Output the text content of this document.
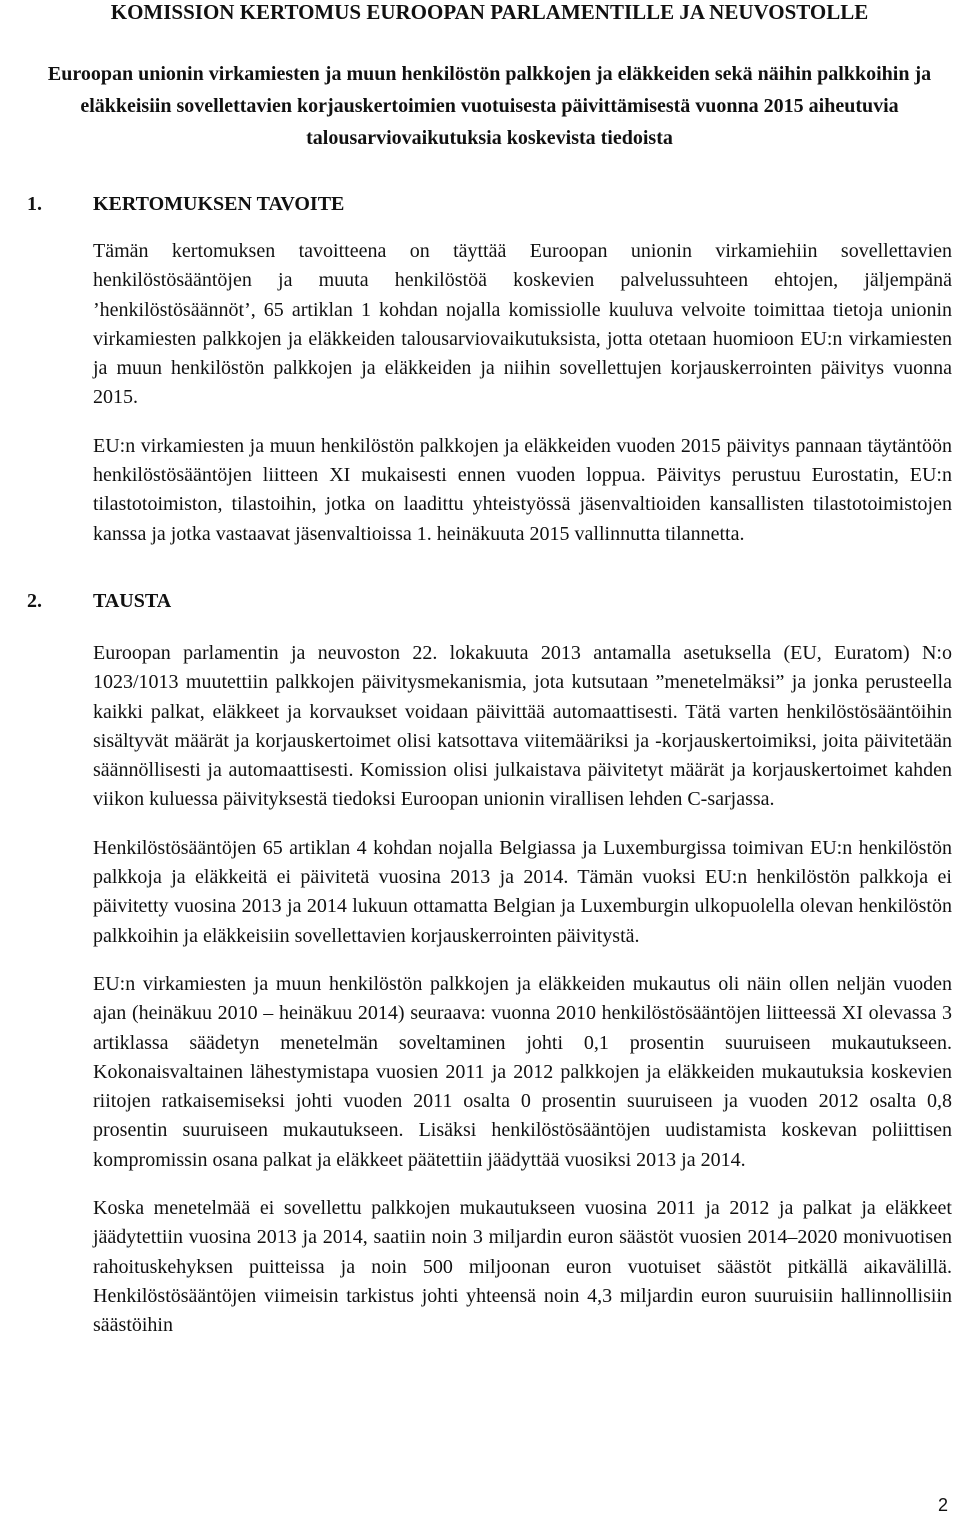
KOMISSION KERTOMUS EUROOPAN PARLAMENTILLE JA NEUVOSTOLLE
Euroopan unionin virkamiesten ja muun henkilöstön palkkojen ja eläkkeiden sekä näihin palkkoihin ja eläkkeisiin sovellettavien korjauskertoimien vuotuisesta päivittämisestä vuonna 2015 aiheutuvia talousarviovaikutuksia koskevista tiedoista
1.	KERTOMUKSEN TAVOITE

Tämän kertomuksen tavoitteena on täyttää Euroopan unionin virkamiehiin sovellettavien henkilöstösääntöjen ja muuta henkilöstöä koskevien palvelussuhteen ehtojen, jäljempänä ’henkilöstösäännöt’, 65 artiklan 1 kohdan nojalla komissiolle kuuluva velvoite toimittaa tietoja unionin virkamiesten palkkojen ja eläkkeiden talousarviovaikutuksista, jotta otetaan huomioon EU:n virkamiesten ja muun henkilöstön palkkojen ja eläkkeiden ja niihin sovellettujen korjauskerrointen päivitys vuonna 2015.

EU:n virkamiesten ja muun henkilöstön palkkojen ja eläkkeiden vuoden 2015 päivitys pannaan täytäntöön henkilöstösääntöjen liitteen XI mukaisesti ennen vuoden loppua. Päivitys perustuu Eurostatin, EU:n tilastotoimiston, tilastoihin, jotka on laadittu yhteistyössä jäsenvaltioiden kansallisten tilastotoimistojen kanssa ja jotka vastaavat jäsenvaltioissa 1. heinäkuuta 2015 vallinnutta tilannetta.

2.	TAUSTA

Euroopan parlamentin ja neuvoston 22. lokakuuta 2013 antamalla asetuksella (EU, Euratom) N:o 1023/1013 muutettiin palkkojen päivitysmekanismia, jota kutsutaan ”menetelmäksi” ja jonka perusteella kaikki palkat, eläkkeet ja korvaukset voidaan päivittää automaattisesti. Tätä varten henkilöstösääntöihin sisältyvät määrät ja korjauskertoimet olisi katsottava viitemääriksi ja -korjauskertoimiksi, joita päivitetään säännöllisesti ja automaattisesti. Komission olisi julkaistava päivitetyt määrät ja korjauskertoimet kahden viikon kuluessa päivityksestä tiedoksi Euroopan unionin virallisen lehden C-sarjassa.

Henkilöstösääntöjen 65 artiklan 4 kohdan nojalla Belgiassa ja Luxemburgissa toimivan EU:n henkilöstön palkkoja ja eläkkeitä ei päivitetä vuosina 2013 ja 2014. Tämän vuoksi EU:n henkilöstön palkkoja ei päivitetty vuosina 2013 ja 2014 lukuun ottamatta Belgian ja Luxemburgin ulkopuolella olevan henkilöstön palkkoihin ja eläkkeisiin sovellettavien korjauskerrointen päivitystä.

EU:n virkamiesten ja muun henkilöstön palkkojen ja eläkkeiden mukautus oli näin ollen neljän vuoden ajan (heinäkuu 2010 – heinäkuu 2014) seuraava: vuonna 2010 henkilöstösääntöjen liitteessä XI olevassa 3 artiklassa säädetyn menetelmän soveltaminen johti 0,1 prosentin suuruiseen mukautukseen. Kokonaisvaltainen lähestymistapa vuosien 2011 ja 2012 palkkojen ja eläkkeiden mukautuksia koskevien riitojen ratkaisemiseksi johti vuoden 2011 osalta 0 prosentin suuruiseen ja vuoden 2012 osalta 0,8 prosentin suuruiseen mukautukseen. Lisäksi henkilöstösääntöjen uudistamista koskevan poliittisen kompromissin osana palkat ja eläkkeet päätettiin jäädyttää vuosiksi 2013 ja 2014.

Koska menetelmää ei sovellettu palkkojen mukautukseen vuosina 2011 ja 2012 ja palkat ja eläkkeet jäädytettiin vuosina 2013 ja 2014, saatiin noin 3 miljardin euron säästöt vuosien 2014–2020 monivuotisen rahoituskehyksen puitteissa ja noin 500 miljoonan euron vuotuiset säästöt pitkällä aikavälillä. Henkilöstösääntöjen viimeisin tarkistus johti yhteensä noin 4,3 miljardin euron suuruisiin hallinnollisiin säästöihin

2
